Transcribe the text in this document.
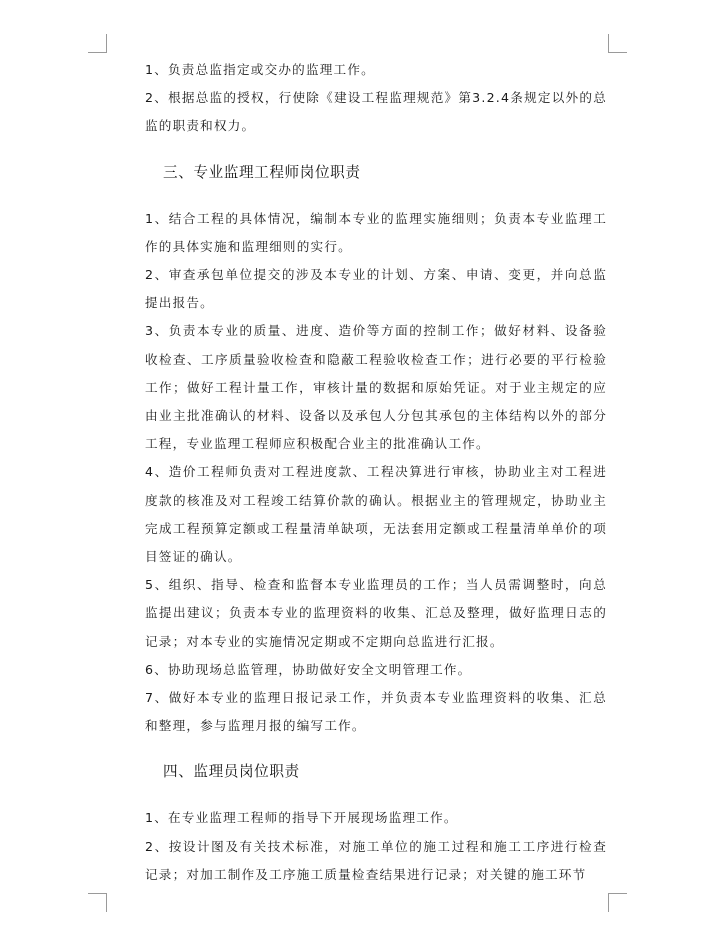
1、负责总监指定或交办的监理工作。

2、根据总监的授权，行使除《建设工程监理规范》第3.2.4条规定以外的总监的职责和权力。

三、专业监理工程师岗位职责

1、结合工程的具体情况，编制本专业的监理实施细则；负责本专业监理工作的具体实施和监理细则的实行。

2、审查承包单位提交的涉及本专业的计划、方案、申请、变更，并向总监提出报告。

3、负责本专业的质量、进度、造价等方面的控制工作；做好材料、设备验收检查、工序质量验收检查和隐蔽工程验收检查工作；进行必要的平行检验工作；做好工程计量工作，审核计量的数据和原始凭证。对于业主规定的应由业主批准确认的材料、设备以及承包人分包其承包的主体结构以外的部分工程，专业监理工程师应积极配合业主的批准确认工作。

4、造价工程师负责对工程进度款、工程决算进行审核，协助业主对工程进度款的核准及对工程竣工结算价款的确认。根据业主的管理规定，协助业主完成工程预算定额或工程量清单缺项，无法套用定额或工程量清单单价的项目签证的确认。

5、组织、指导、检查和监督本专业监理员的工作；当人员需调整时，向总监提出建议；负责本专业的监理资料的收集、汇总及整理，做好监理日志的记录；对本专业的实施情况定期或不定期向总监进行汇报。

6、协助现场总监管理，协助做好安全文明管理工作。

7、做好本专业的监理日报记录工作，并负责本专业监理资料的收集、汇总和整理，参与监理月报的编写工作。

四、监理员岗位职责

1、在专业监理工程师的指导下开展现场监理工作。

2、按设计图及有关技术标准，对施工单位的施工过程和施工工序进行检查记录；对加工制作及工序施工质量检查结果进行记录；对关键的施工环节
